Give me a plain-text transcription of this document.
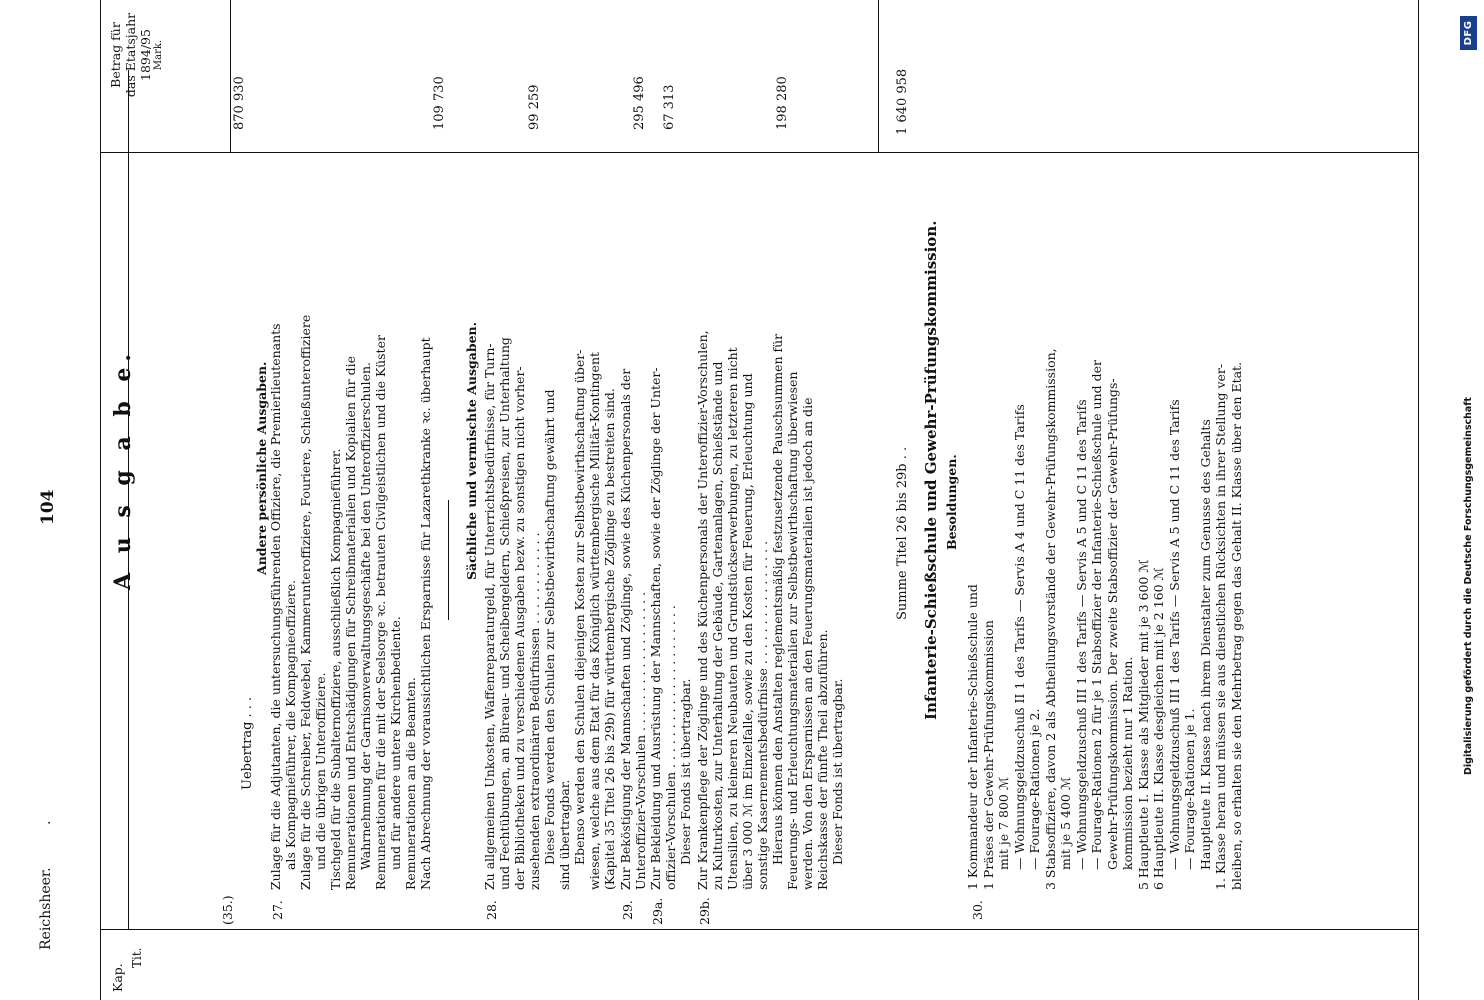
Reichsheer.
.
104
Kap.
Tit.
A u s g a b e.
Betrag für das Etatsjahr 1894/95 Mark.
(35.)
Uebertrag . . .
870 930
Andere persönliche Ausgaben.
27.
Zulage für die Adjutanten, die untersuchungsführenden Offiziere, die Premierlieutenants als Kompagnieführer, die Kompagnieoffiziere. Zulage für die Schreiber, Feldwebel, Kammerunteroffiziere, Fouriere, Schießunteroffiziere und die übrigen Unteroffiziere. Tischgeld für die Subalternoffiziere, ausschließlich Kompagnieführer. Remunerationen und Entschädigungen für Schreibmaterialien und Kopialien für die Wahrnehmung der Garnisonverwaltungsgeschäfte bei den Unteroffizierschulen. Remunerationen für die mit der Seelsorge ꝛc. betrauten Civilgeistlichen und die Küster und für andere untere Kirchenbediente. Remunerationen an die Beamten. Nach Abrechnung der voraussichtlichen Ersparnisse für Lazarethkranke ꝛc. überhaupt
109 730
Sächliche und vermischte Ausgaben.
28.
Zu allgemeinen Unkosten, Waffenreparaturgeld, für Unterrichtsbedürfnisse, für Turn- und Fechtübungen, an Büreau- und Scheibengeldern, Schießpreisen, zur Unterhaltung der Bibliotheken und zu verschiedenen Ausgaben bezw. zu sonstigen nicht vorher- zusehenden extraordinären Bedürfnissen . . . . . . . . . . . . Diese Fonds werden den Schulen zur Selbstbewirthschaftung gewährt und sind übertragbar. Ebenso werden den Schulen diejenigen Kosten zur Selbstbewirthschaftung über- wiesen, welche aus dem Etat für das Königlich württembergische Militär-Kontingent (Kapitel 35 Titel 26 bis 29b) für württembergische Zöglinge zu bestreiten sind.
99 259
29.
Zur Beköstigung der Mannschaften und Zöglinge, sowie des Küchenpersonals der Unteroffizier-Vorschulen . . . . . . . . . . . . . . . . . .
295 496
29a.
Zur Bekleidung und Ausrüstung der Mannschaften, sowie der Zöglinge der Unter- offizier-Vorschulen . . . . . . . . . . . . . . . . . . . . . Dieser Fonds ist übertragbar.
67 313
29b.
Zur Krankenpflege der Zöglinge und des Küchenpersonals der Unteroffizier-Vorschulen, zu Kulturkosten, zur Unterhaltung der Gebäude, Gartenanlagen, Schießstände und Utensilien, zu kleineren Neubauten und Grundstückserwerbungen, zu letzteren nicht über 3 000 ℳ im Einzelfalle, sowie zu den Kosten für Feuerung, Erleuchtung und sonstige Kasernementsbedürfnisse . . . . . . . . . . . . . . . . Hieraus können den Anstalten reglementsmäßig festzusetzende Pauschsummen für Feuerungs- und Erleuchtungsmaterialien zur Selbstbewirthschaftung überwiesen werden. Von den Ersparnissen an den Feuerungsmaterialien ist jedoch an die Reichskasse der fünfte Theil abzuführen. Dieser Fonds ist übertragbar.
198 280
Summe Titel 26 bis 29b . .
1 640 958
Infanterie-Schießschule und Gewehr-Prüfungskommission. Besoldungen.
30.
1 Kommandeur der Infanterie-Schießschule und 1 Präses der Gewehr-Prüfungskommission mit je 7 800 ℳ — Wohnungsgeldzuschuß II 1 des Tarifs — Servis A 4 und C 11 des Tarifs — Fourage-Rationen je 2. 3 Stabsoffiziere, davon 2 als Abtheilungsvorstände der Gewehr-Prüfungskommission, mit je 5 400 ℳ — Wohnungsgeldzuschuß III 1 des Tarifs — Servis A 5 und C 11 des Tarifs — Fourage-Rationen 2 für je 1 Stabsoffizier der Infanterie-Schießschule und der Gewehr-Prüfungskommission. Der zweite Stabsoffizier der Gewehr-Prüfungs- kommission bezieht nur 1 Ration. 5 Hauptleute I. Klasse als Mitglieder mit je 3 600 ℳ 6 Hauptleute II. Klasse desgleichen mit je 2 160 ℳ — Wohnungsgeldzuschuß III 1 des Tarifs — Servis A 5 und C 11 des Tarifs — Fourage-Rationen je 1. Hauptleute II. Klasse nach ihrem Dienstalter zum Genusse des Gehalts 1. Klasse heran und müssen sie aus dienstlichen Rücksichten in ihrer Stellung ver- bleiben, so erhalten sie den Mehrbetrag gegen das Gehalt II. Klasse über den Etat.	Digitalisierung gefördert durch die Deutsche Forschungsgemeinschaft
DFG
